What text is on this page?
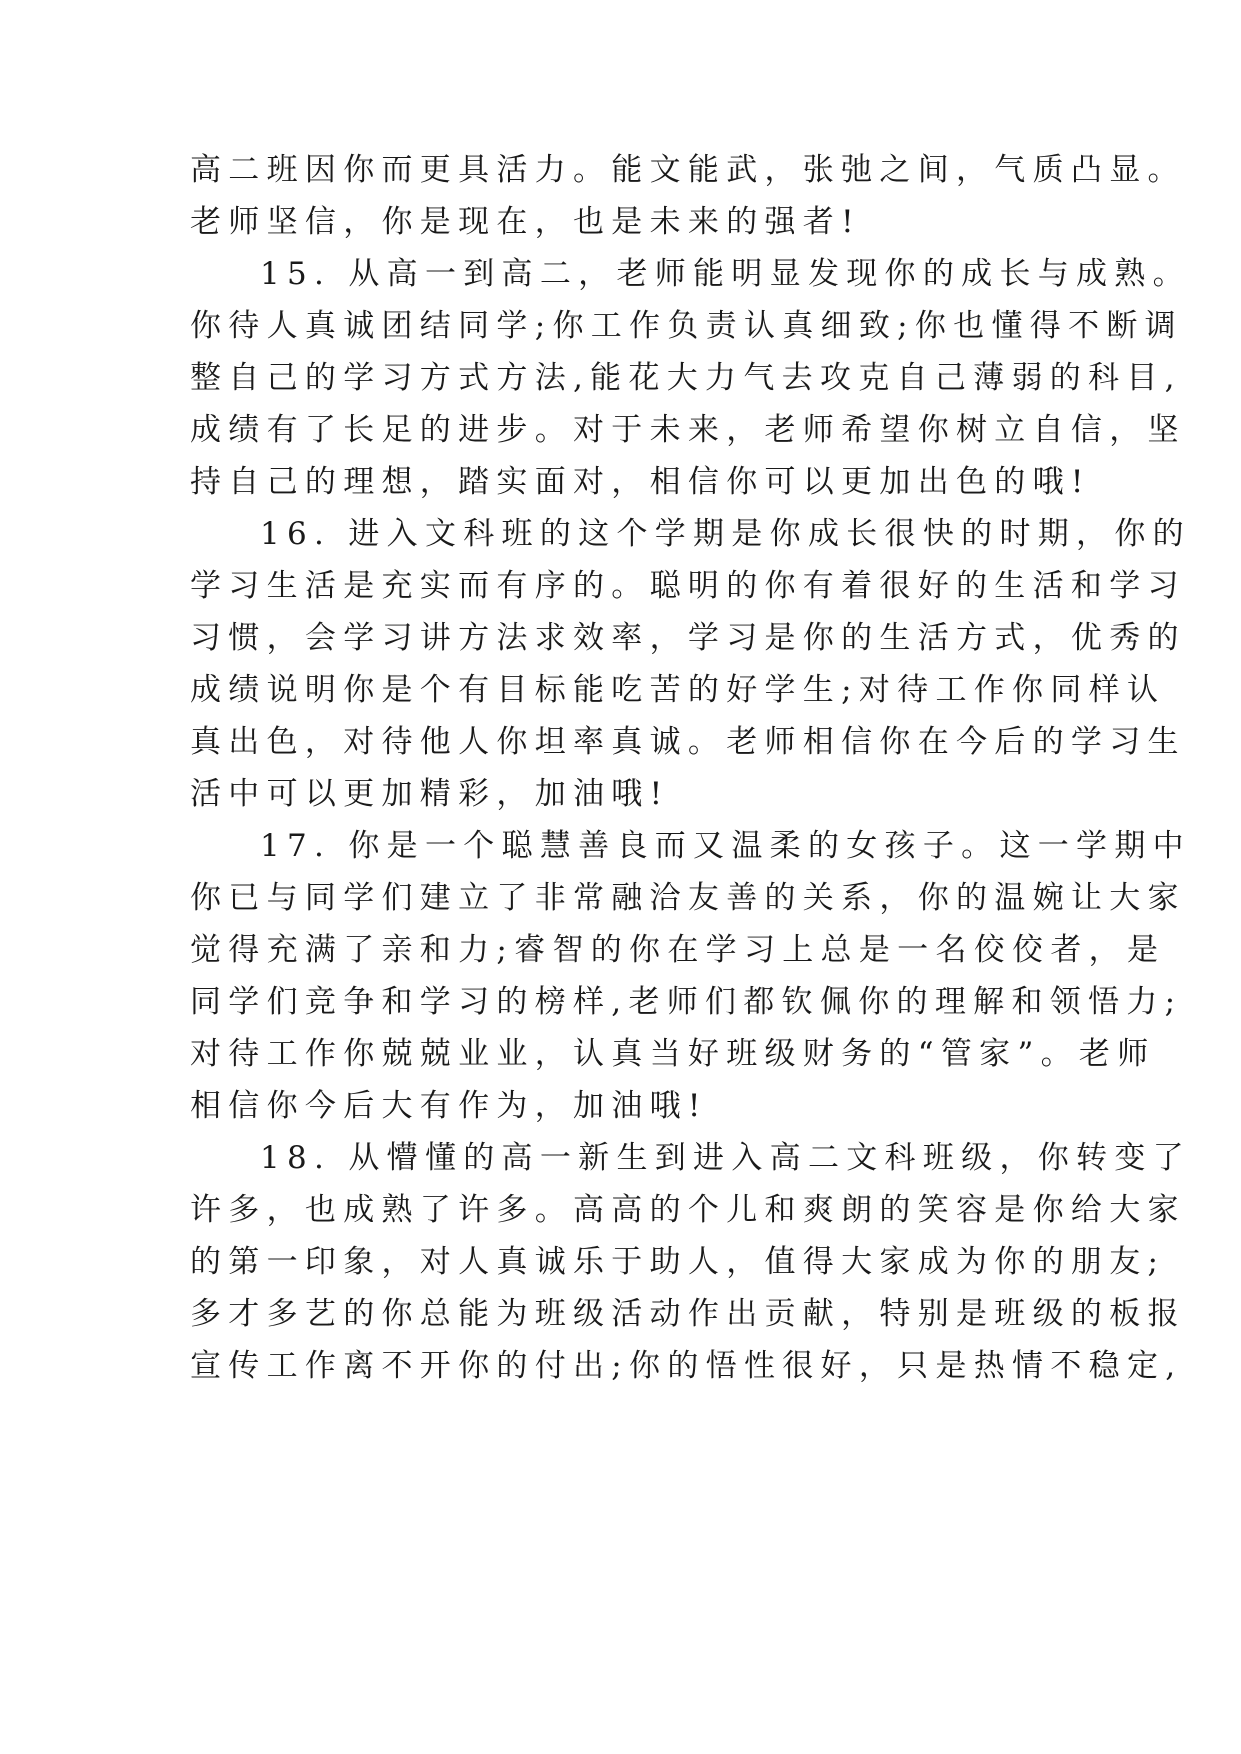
高二班因你而更具活力。能文能武，张弛之间，气质凸显。
老师坚信，你是现在，也是未来的强者!
15. 从高一到高二，老师能明显发现你的成长与成熟。
你待人真诚团结同学;你工作负责认真细致;你也懂得不断调
整自己的学习方式方法,能花大力气去攻克自己薄弱的科目,
成绩有了长足的进步。对于未来，老师希望你树立自信，坚
持自己的理想，踏实面对，相信你可以更加出色的哦!
16. 进入文科班的这个学期是你成长很快的时期，你的
学习生活是充实而有序的。聪明的你有着很好的生活和学习
习惯，会学习讲方法求效率，学习是你的生活方式，优秀的
成绩说明你是个有目标能吃苦的好学生;对待工作你同样认
真出色，对待他人你坦率真诚。老师相信你在今后的学习生
活中可以更加精彩，加油哦!
17. 你是一个聪慧善良而又温柔的女孩子。这一学期中
你已与同学们建立了非常融洽友善的关系，你的温婉让大家
觉得充满了亲和力;睿智的你在学习上总是一名佼佼者，是
同学们竞争和学习的榜样,老师们都钦佩你的理解和领悟力;
对待工作你兢兢业业，认真当好班级财务的“管家”。老师
相信你今后大有作为，加油哦!
18. 从懵懂的高一新生到进入高二文科班级，你转变了
许多，也成熟了许多。高高的个儿和爽朗的笑容是你给大家
的第一印象，对人真诚乐于助人，值得大家成为你的朋友;
多才多艺的你总能为班级活动作出贡献，特别是班级的板报
宣传工作离不开你的付出;你的悟性很好，只是热情不稳定,
